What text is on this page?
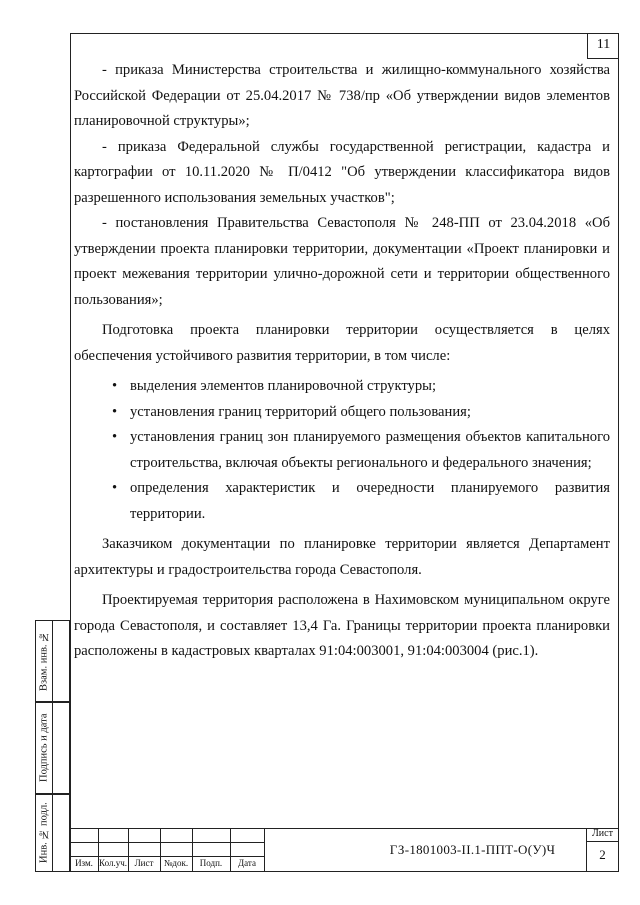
11

- приказа Министерства строительства и жилищно-коммунального хозяйства Российской Федерации от 25.04.2017 № 738/пр «Об утверждении видов элементов планировочной структуры»;

- приказа Федеральной службы государственной регистрации, кадастра и картографии от 10.11.2020 № П/0412 "Об утверждении классификатора видов разрешенного использования земельных участков";

- постановления Правительства Севастополя № 248-ПП от 23.04.2018 «Об утверждении проекта планировки территории, документации «Проект планировки и проект межевания территории улично-дорожной сети и территории общественного пользования»;

Подготовка проекта планировки территории осуществляется в целях обеспечения устойчивого развития территории, в том числе:

• выделения элементов планировочной структуры;
• установления границ территорий общего пользования;
• установления границ зон планируемого размещения объектов капитального строительства, включая объекты регионального и федерального значения;
• определения характеристик и очередности планируемого развития территории.

Заказчиком документации по планировке территории является Департамент архитектуры и градостроительства города Севастополя.

Проектируемая территория расположена в Нахимовском муниципальном округе города Севастополя, и составляет 13,4 Га. Границы территории проекта планировки расположены в кадастровых кварталах 91:04:003001, 91:04:003004 (рис.1).

Взам. инв. №
Подпись и дата
Инв. № подл.	Изм. Кол.уч. Лист	№док.	Подп.	Дата
ГЗ-1801003-II.1-ППТ-О(У)Ч
Лист
2
